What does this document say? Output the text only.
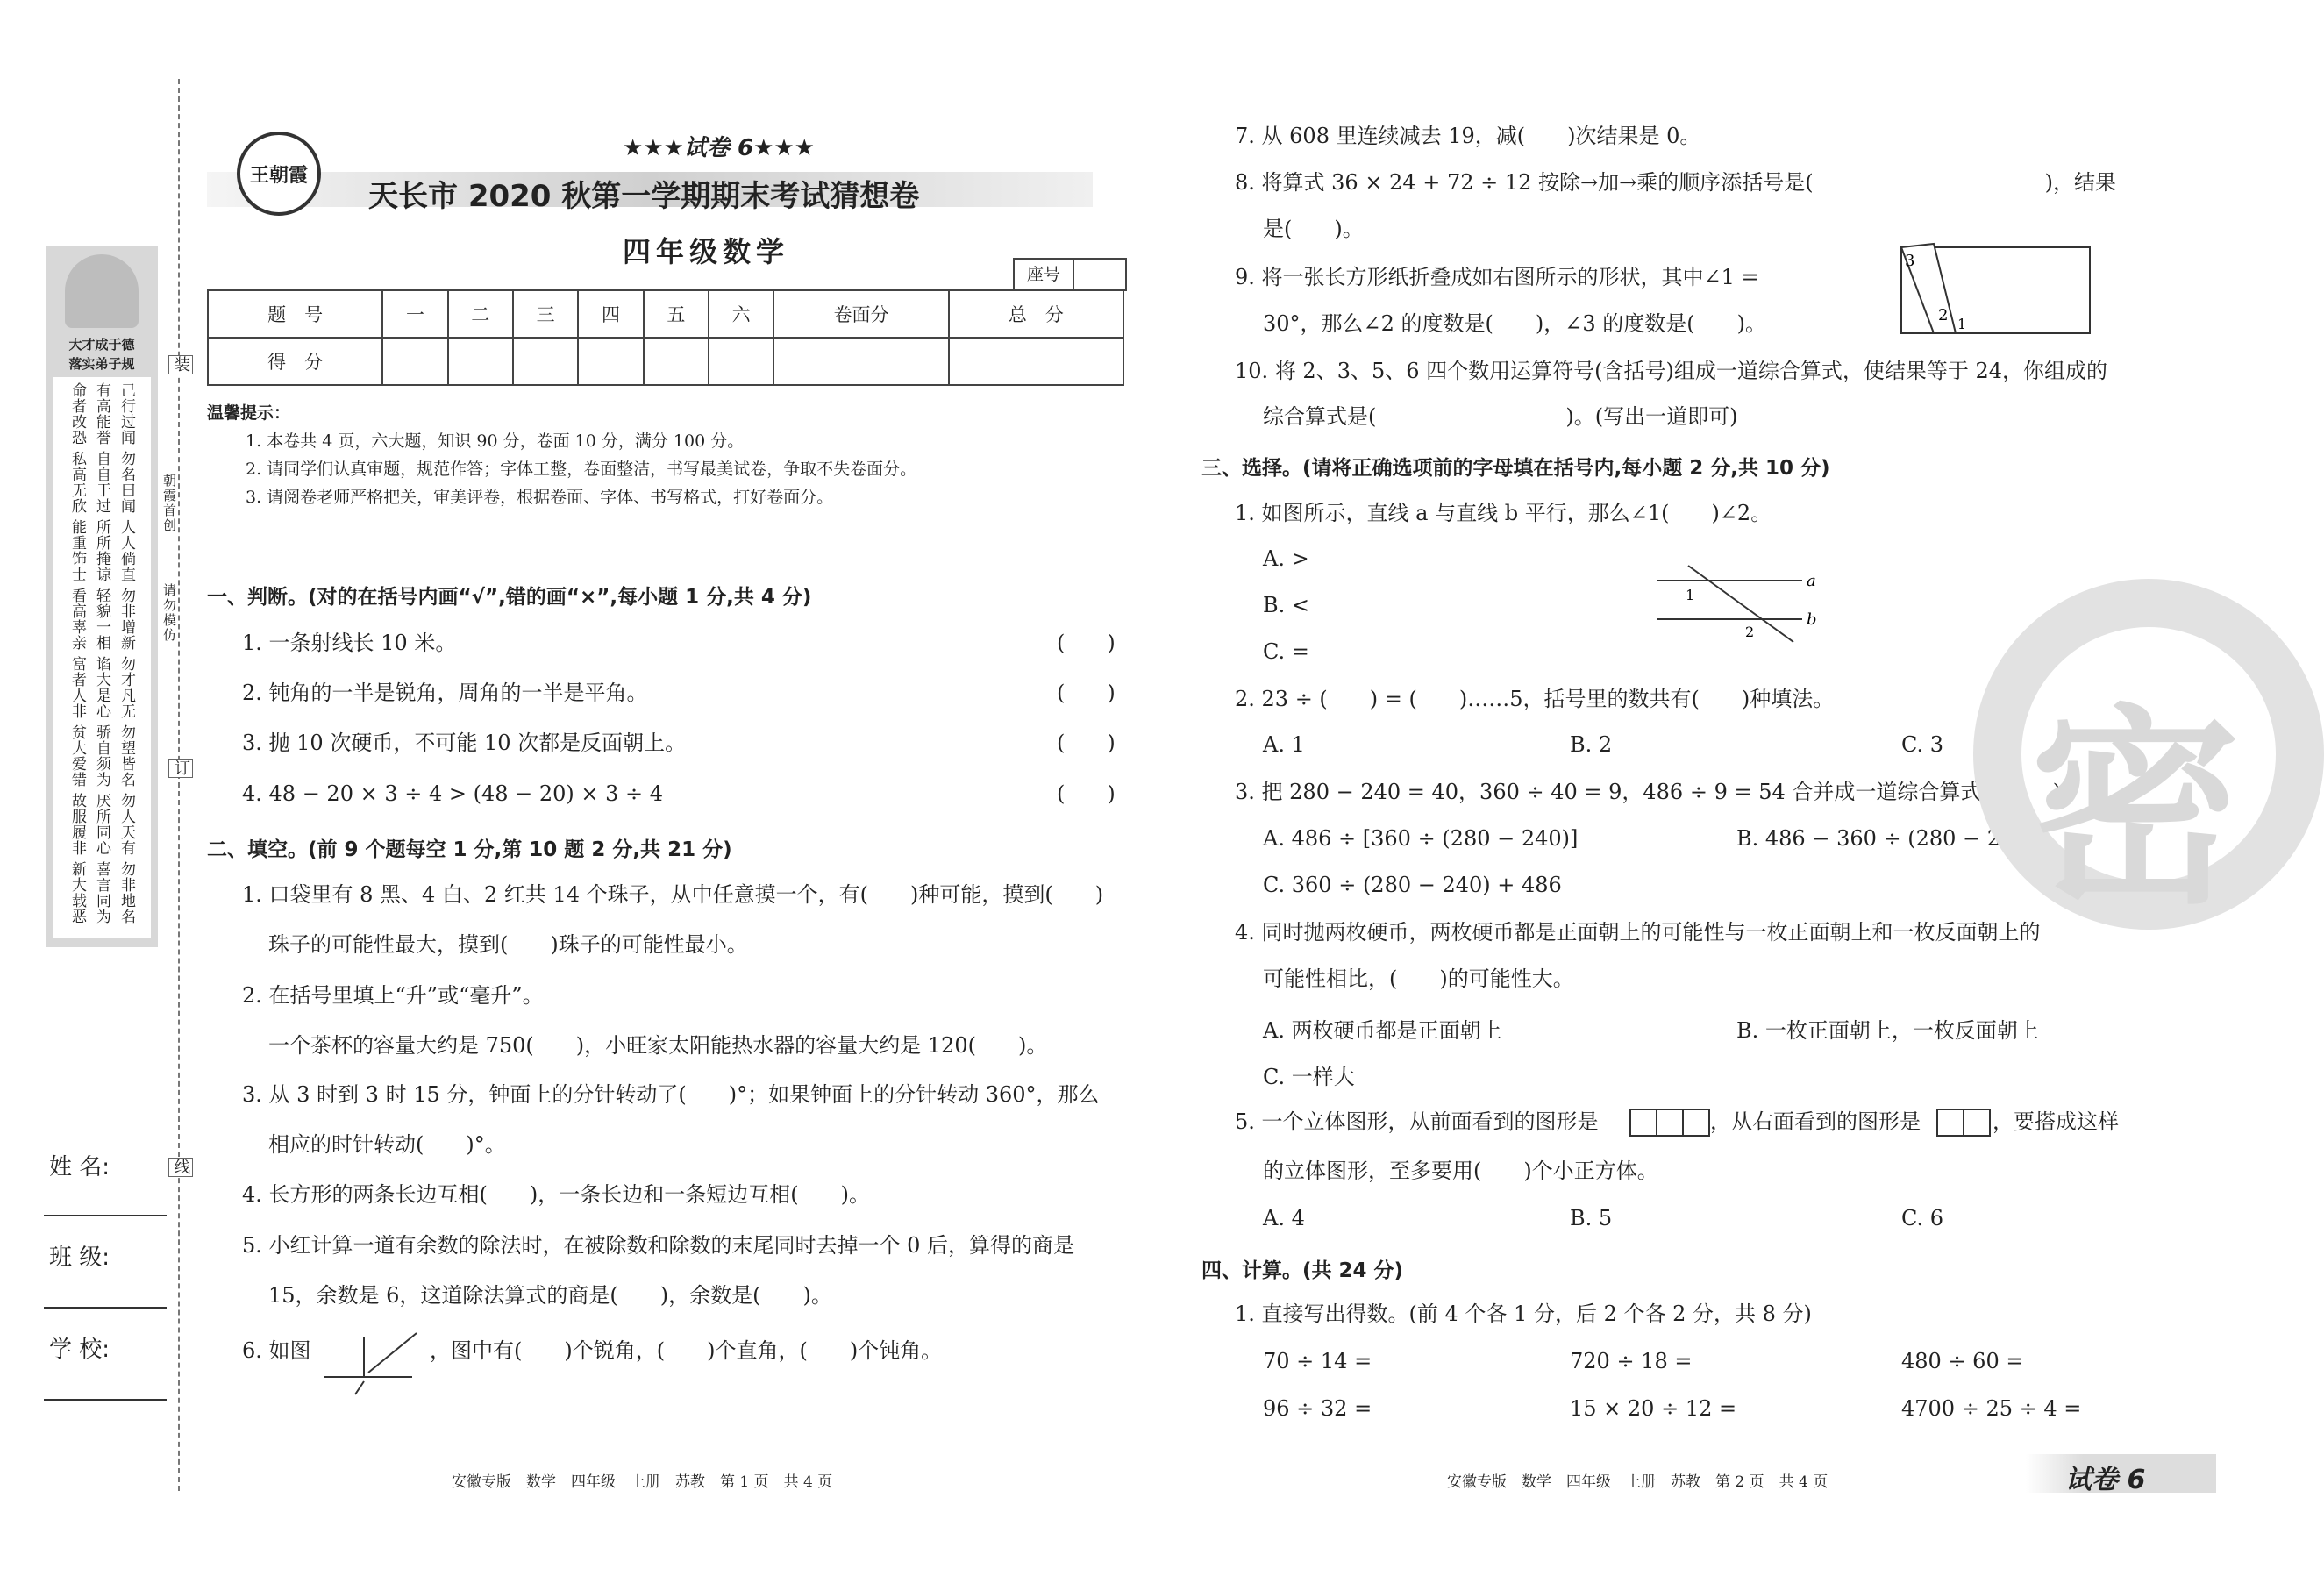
大才成于德
落实弟子规
己行过闻
有高能誉
命者改恐
勿名曰闻
自自于过
私高无欣
人人倘直
所所掩谅
能重饰士
勿非增新
轻貌一相
看高辜亲
勿才凡无
谄大是心
富者人非
勿望皆名
骄自须为
贫大爱错
勿人天有
厌所同心
故服履非
勿非地名
喜言同为
新大载恶
装
朝霞首创
请勿模仿
订
线
姓 名:
班 级:
学 校:
王朝霞
★★★试卷 6★★★
天长市 2020 秋第一学期期末考试猜想卷
四年级数学
座号
题　号	一	二	三	四	五	六	卷面分	总　分
得　分								
温馨提示：
1. 本卷共 4 页，六大题，知识 90 分，卷面 10 分，满分 100 分。
2. 请同学们认真审题，规范作答；字体工整，卷面整洁，书写最美试卷，争取不失卷面分。
3. 请阅卷老师严格把关，审美评卷，根据卷面、字体、书写格式，打好卷面分。
一、判断。(对的在括号内画“√”,错的画“×”,每小题 1 分,共 4 分)
1. 一条射线长 10 米。	(　　)
2. 钝角的一半是锐角，周角的一半是平角。	(　　)
3. 抛 10 次硬币，不可能 10 次都是反面朝上。	(　　)
4. 48 − 20 × 3 ÷ 4 > (48 − 20) × 3 ÷ 4	(　　)
二、填空。(前 9 个题每空 1 分,第 10 题 2 分,共 21 分)
1. 口袋里有 8 黑、4 白、2 红共 14 个珠子，从中任意摸一个，有(　　)种可能，摸到(　　)
珠子的可能性最大，摸到(　　)珠子的可能性最小。
2. 在括号里填上“升”或“毫升”。
一个茶杯的容量大约是 750(　　)，小旺家太阳能热水器的容量大约是 120(　　)。
3. 从 3 时到 3 时 15 分，钟面上的分针转动了(　　)°；如果钟面上的分针转动 360°，那么
相应的时针转动(　　)°。
4. 长方形的两条长边互相(　　)，一条长边和一条短边互相(　　)。
5. 小红计算一道有余数的除法时，在被除数和除数的末尾同时去掉一个 0 后，算得的商是
15，余数是 6，这道除法算式的商是(　　)，余数是(　　)。
6. 如图	，图中有(　　)个锐角，(　　)个直角，(　　)个钝角。
7. 从 608 里连续减去 19，减(　　)次结果是 0。
8. 将算式 36 × 24 + 72 ÷ 12 按除→加→乘的顺序添括号是(　　　　　　　　　　　)，结果
是(　　)。
9. 将一张长方形纸折叠成如右图所示的形状，其中∠1 =
30°，那么∠2 的度数是(　　)，∠3 的度数是(　　)。
3
2 1
10. 将 2、3、5、6 四个数用运算符号(含括号)组成一道综合算式，使结果等于 24，你组成的
综合算式是(　　　　　　　　　)。(写出一道即可)
三、选择。(请将正确选项前的字母填在括号内,每小题 2 分,共 10 分)
1. 如图所示，直线 a 与直线 b 平行，那么∠1(　　)∠2。
A. >
B. <
C. =
a
b
1
2
2. 23 ÷ (　　) = (　　)……5，括号里的数共有(　　)种填法。
A. 1	B. 2	C. 3
3. 把 280 − 240 = 40，360 ÷ 40 = 9，486 ÷ 9 = 54 合并成一道综合算式是(　　)。
A. 486 ÷ [360 ÷ (280 − 240)]	B. 486 − 360 ÷ (280 − 240)
C. 360 ÷ (280 − 240) + 486
4. 同时抛两枚硬币，两枚硬币都是正面朝上的可能性与一枚正面朝上和一枚反面朝上的
可能性相比，(　　)的可能性大。
A. 两枚硬币都是正面朝上	B. 一枚正面朝上，一枚反面朝上
C. 一样大
5. 一个立体图形，从前面看到的图形是	，从右面看到的图形是	，要搭成这样
的立体图形，至多要用(　　)个小正方体。
A. 4	B. 5	C. 6
四、计算。(共 24 分)
1. 直接写出得数。(前 4 个各 1 分，后 2 个各 2 分，共 8 分)
70 ÷ 14 =	720 ÷ 18 =	480 ÷ 60 =
96 ÷ 32 =	15 × 20 ÷ 12 =	4700 ÷ 25 ÷ 4 =
密
安徽专版　数学　四年级　上册　苏教　第 1 页　共 4 页	安徽专版　数学　四年级　上册　苏教　第 2 页　共 4 页	试卷 6
